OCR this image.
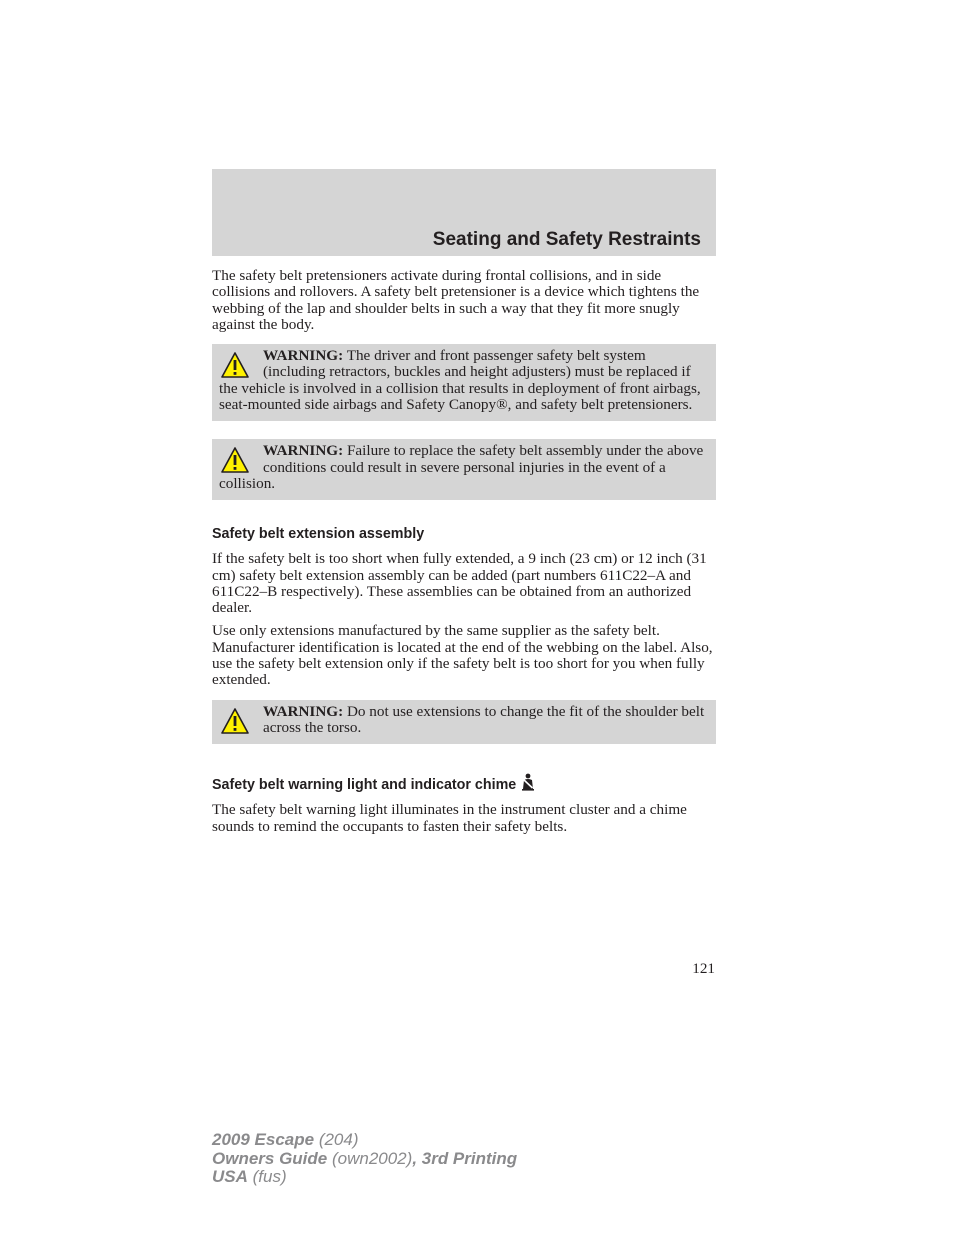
Seating and Safety Restraints

The safety belt pretensioners activate during frontal collisions, and in side collisions and rollovers. A safety belt pretensioner is a device which tightens the webbing of the lap and shoulder belts in such a way that they fit more snugly against the body.

WARNING: The driver and front passenger safety belt system (including retractors, buckles and height adjusters) must be replaced if the vehicle is involved in a collision that results in deployment of front airbags, seat-mounted side airbags and Safety Canopy®, and safety belt pretensioners.
WARNING: Failure to replace the safety belt assembly under the above conditions could result in severe personal injuries in the event of a collision.
Safety belt extension assembly

If the safety belt is too short when fully extended, a 9 inch (23 cm) or 12 inch (31 cm) safety belt extension assembly can be added (part numbers 611C22–A and 611C22–B respectively). These assemblies can be obtained from an authorized dealer.

Use only extensions manufactured by the same supplier as the safety belt. Manufacturer identification is located at the end of the webbing on the label. Also, use the safety belt extension only if the safety belt is too short for you when fully extended.

WARNING: Do not use extensions to change the fit of the shoulder belt across the torso.
Safety belt warning light and indicator chime

The safety belt warning light illuminates in the instrument cluster and a chime sounds to remind the occupants to fasten their safety belts.

121
2009 Escape (204)
Owners Guide (own2002), 3rd Printing
USA (fus)
